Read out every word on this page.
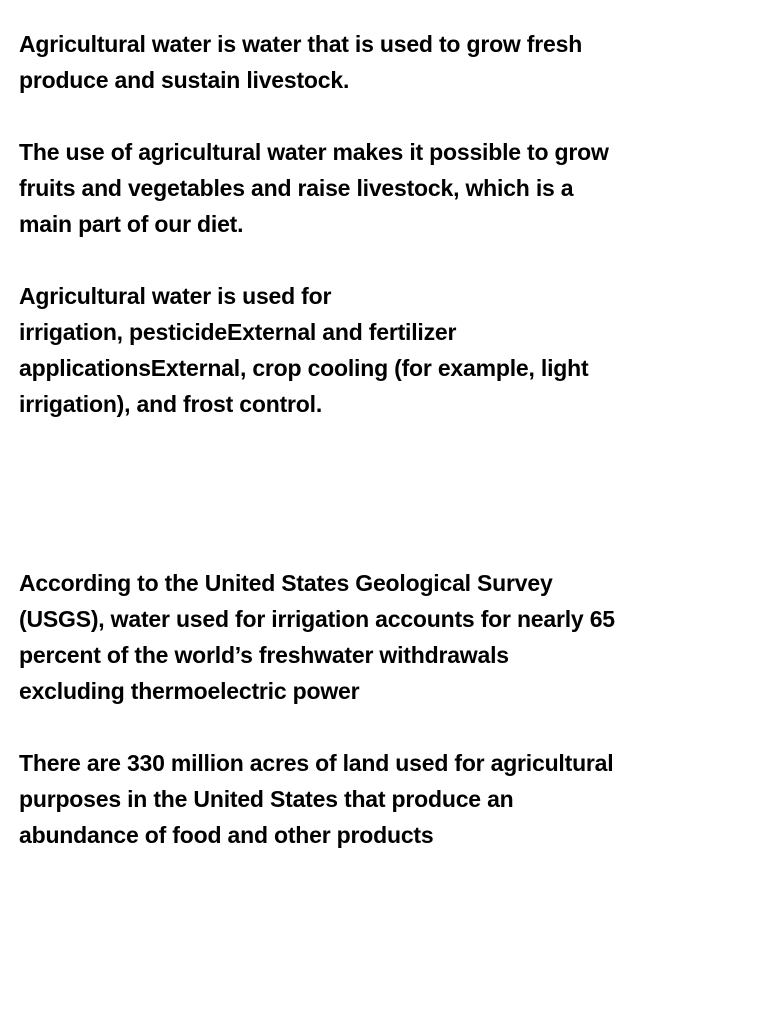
Agricultural water is water that is used to grow fresh
produce and sustain livestock.

The use of agricultural water makes it possible to grow
fruits and vegetables and raise livestock, which is a
main part of our diet.

Agricultural water is used for
irrigation, pesticideExternal and fertilizer
applicationsExternal, crop cooling (for example, light
irrigation), and frost control.

According to the United States Geological Survey
(USGS), water used for irrigation accounts for nearly 65
percent of the world’s freshwater withdrawals
excluding thermoelectric power

There are 330 million acres of land used for agricultural
purposes in the United States that produce an
abundance of food and other products
